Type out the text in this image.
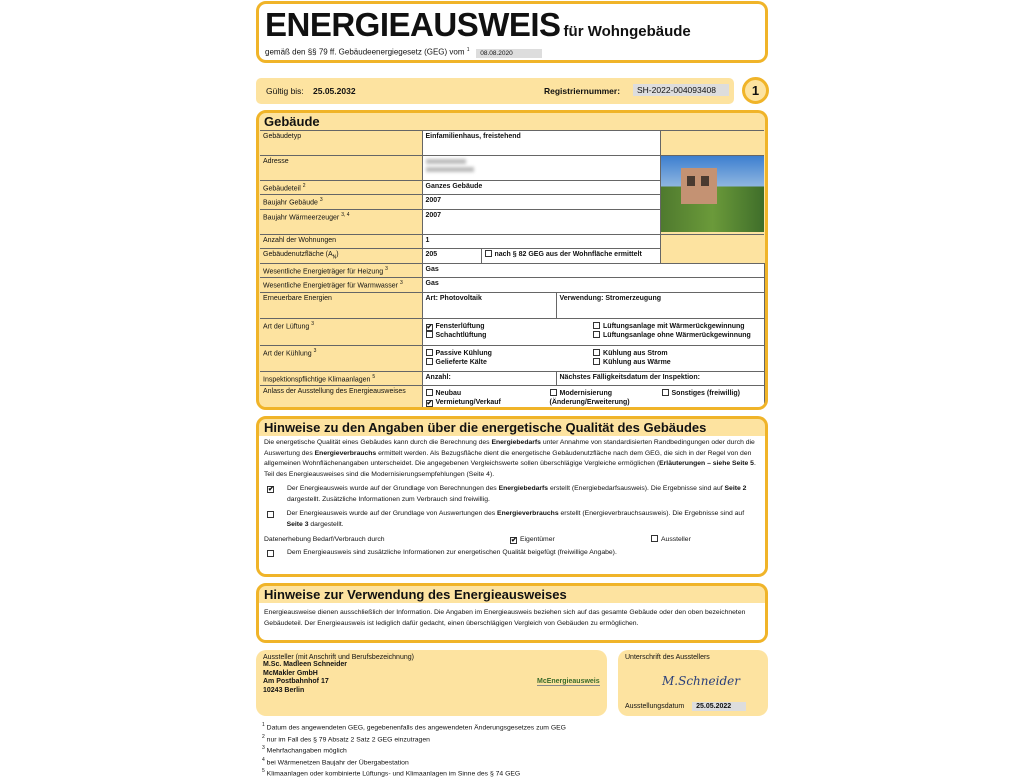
ENERGIEAUSWEIS für Wohngebäude
gemäß den §§ 79 ff. Gebäudeenergiegesetz (GEG) vom $^1$ 08.08.2020
Gültig bis: 25.05.2032	Registriernummer:	SH-2022-004093408	1
Gebäude
Gebäudetyp	Einfamilienhaus, freistehend			
Adresse			

Gebäudeteil $^2$	Ganzes Gebäude			
Baujahr Gebäude $^3$	2007			
Baujahr Wärmeerzeuger $^{3, 4}$	2007			
Anzahl der Wohnungen	1			
Gebäudenutzfläche $(A_N)$	205	nach § 82 GEG aus der Wohnfläche ermittelt		
Wesentliche Energieträger für Heizung $^3$	Gas			
Wesentliche Energieträger für Warmwasser $^3$	Gas			
Erneuerbare Energien	Art: Photovoltaik		Verwendung: Stromerzeugung	
Art der Lüftung $^3$	✔ Fensterlüftung Lüftungsanlage mit Wärmerückgewinnung
Schachtlüftung Lüftungsanlage ohne Wärmerückgewinnung			

Art der Kühlung $^3$	Passive Kühlung Kühlung aus Strom
Gelieferte Kälte Kühlung aus Wärme			

Inspektionspflichtige Klimaanlagen $^5$	Anzahl:		Nächstes Fälligkeitsdatum der Inspektion:	
Anlass der Ausstellung des Energieausweises	Neubau
✔ Vermietung/Verkauf
Modernisierung
(Änderung/Erweiterung)
Sonstiges (freiwillig)			
Hinweise zu den Angaben über die energetische Qualität des Gebäudes

Die energetische Qualität eines Gebäudes kann durch die Berechnung des Energiebedarfs unter Annahme von standardisierten Randbedingungen oder durch die Auswertung des Energieverbrauchs ermittelt werden. Als Bezugsfläche dient die energetische Gebäudenutzfläche nach dem GEG, die sich in der Regel von den allgemeinen Wohnflächenangaben unterscheidet. Die angegebenen Vergleichswerte sollen überschlägige Vergleiche ermöglichen (Erläuterungen – siehe Seite 5. Teil des Energieausweises sind die Modernisierungsempfehlungen (Seite 4).

✔ Der Energieausweis wurde auf der Grundlage von Berechnungen des Energiebedarfs erstellt (Energiebedarfsausweis). Die Ergebnisse sind auf Seite 2 dargestellt. Zusätzliche Informationen zum Verbrauch sind freiwillig.

Der Energieausweis wurde auf der Grundlage von Auswertungen des Energieverbrauchs erstellt (Energieverbrauchsausweis). Die Ergebnisse sind auf Seite 3 dargestellt.

Datenerhebung Bedarf/Verbrauch durch	✔ Eigentümer	Aussteller
Dem Energieausweis sind zusätzliche Informationen zur energetischen Qualität beigefügt (freiwillige Angabe).
Hinweise zur Verwendung des Energieausweises
Energieausweise dienen ausschließlich der Information. Die Angaben im Energieausweis beziehen sich auf das gesamte Gebäude oder den oben bezeichneten Gebäudeteil. Der Energieausweis ist lediglich dafür gedacht, einen überschlägigen Vergleich von Gebäuden zu ermöglichen.
Aussteller (mit Anschrift und Berufsbezeichnung)
M.Sc. Madleen Schneider
McMakler GmbH
Am Postbahnhof 17
10243 Berlin
McEnergieausweis
Unterschrift des Ausstellers
M.Schneider
Ausstellungsdatum 25.05.2022
$^1$ Datum des angewendeten GEG, gegebenenfalls des angewendeten Änderungsgesetzes zum GEG
$^2$ nur im Fall des § 79 Absatz 2 Satz 2 GEG einzutragen
$^3$ Mehrfachangaben möglich
$^4$ bei Wärmenetzen Baujahr der Übergabestation
$^5$ Klimaanlagen oder kombinierte Lüftungs- und Klimaanlagen im Sinne des § 74 GEG
